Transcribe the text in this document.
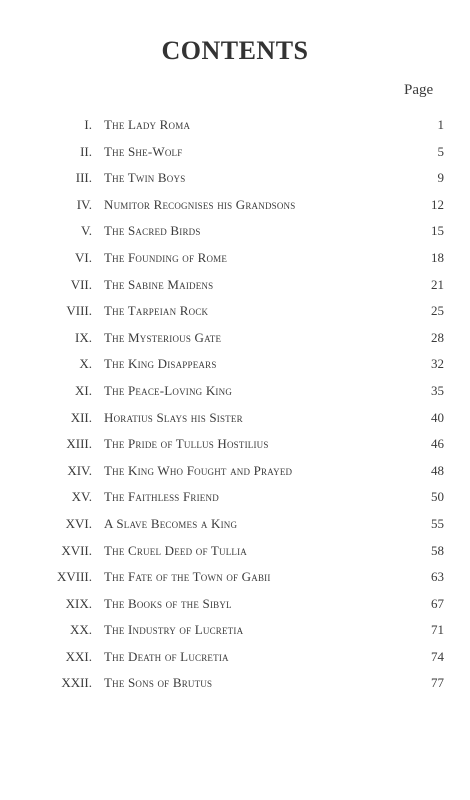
CONTENTS
Page
I. The Lady Roma	1
II. The She-Wolf	5
III. The Twin Boys	9
IV. Numitor Recognises his Grandsons	12
V. The Sacred Birds	15
VI. The Founding of Rome	18
VII. The Sabine Maidens	21
VIII. The Tarpeian Rock	25
IX. The Mysterious Gate	28
X. The King Disappears	32
XI. The Peace-Loving King	35
XII. Horatius Slays his Sister	40
XIII. The Pride of Tullus Hostilius	46
XIV. The King Who Fought and Prayed	48
XV. The Faithless Friend	50
XVI. A Slave Becomes a King	55
XVII. The Cruel Deed of Tullia	58
XVIII. The Fate of the Town of Gabii	63
XIX. The Books of the Sibyl	67
XX. The Industry of Lucretia	71
XXI. The Death of Lucretia	74
XXII. The Sons of Brutus	77
